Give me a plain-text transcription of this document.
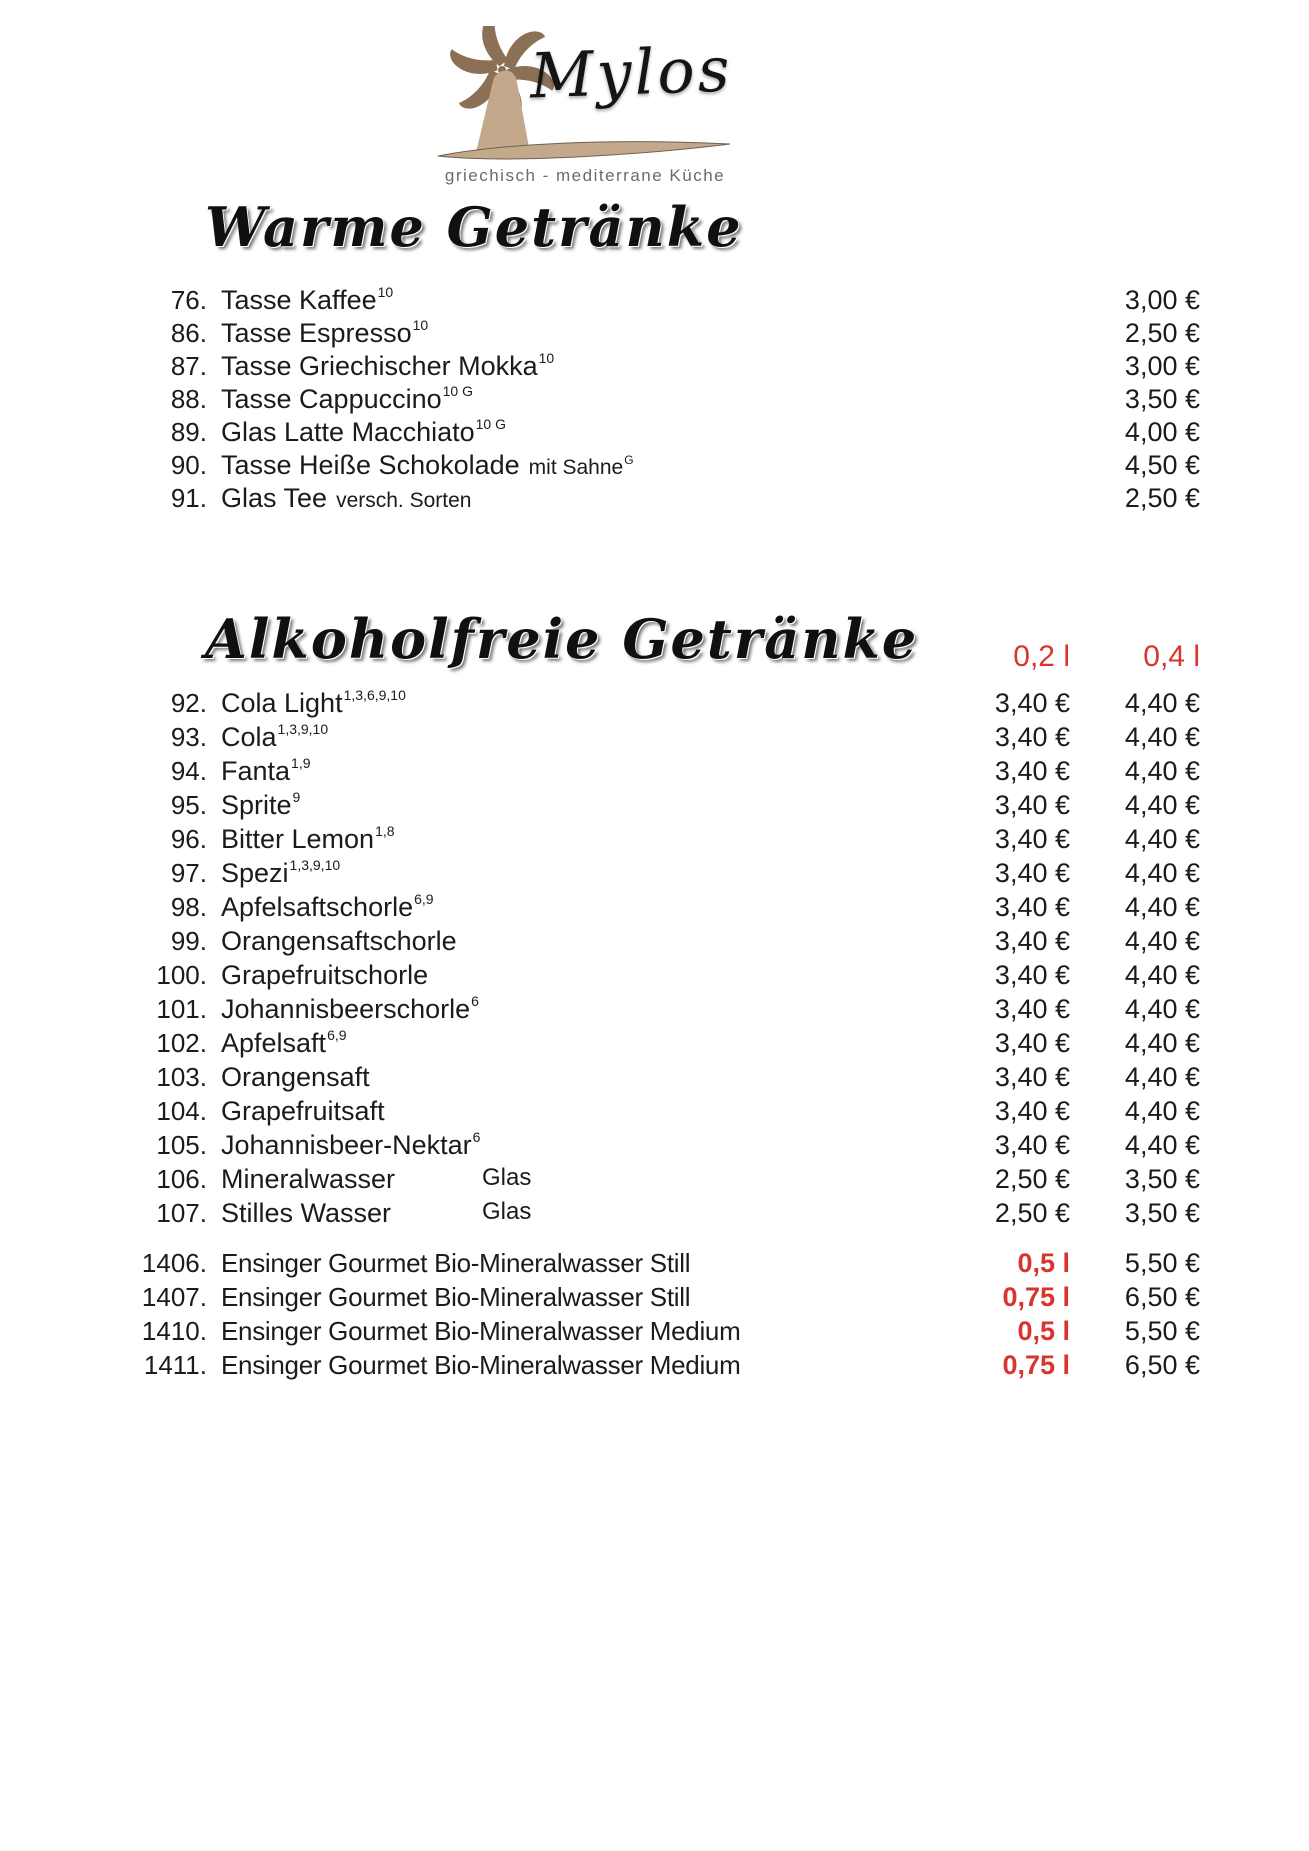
Mylos
griechisch - mediterrane Küche
Warme Getränke
76. Tasse Kaffee$^{10}$	3,00 €
86. Tasse Espresso$^{10}$	2,50 €
87. Tasse Griechischer Mokka$^{10}$	3,00 €
88. Tasse Cappuccino$^{10 G}$	3,50 €
89. Glas Latte Macchiato$^{10 G}$	4,00 €
90. Tasse Heiße Schokolade mit Sahne$^G$	4,50 €
91. Glas Tee versch. Sorten	2,50 €
Alkoholfreie Getränke	0,2 l	0,4 l
92. Cola Light$^{1,3,6,9,10}$	3,40 €	4,40 €
93. Cola$^{1,3,9,10}$	3,40 €	4,40 €
94. Fanta$^{1,9}$	3,40 €	4,40 €
95. Sprite$^9$	3,40 €	4,40 €
96. Bitter Lemon$^{1,8}$	3,40 €	4,40 €
97. Spezi$^{1,3,9,10}$	3,40 €	4,40 €
98. Apfelsaftschorle$^{6,9}$	3,40 €	4,40 €
99. Orangensaftschorle	3,40 €	4,40 €
100. Grapefruitschorle	3,40 €	4,40 €
101. Johannisbeerschorle$^6$	3,40 €	4,40 €
102. Apfelsaft$^{6,9}$	3,40 €	4,40 €
103. Orangensaft	3,40 €	4,40 €
104. Grapefruitsaft	3,40 €	4,40 €
105. Johannisbeer-Nektar$^6$	3,40 €	4,40 €
106. Mineralwasser	Glas	2,50 €	3,50 €
107. Stilles Wasser	Glas	2,50 €	3,50 €
1406. Ensinger Gourmet Bio-Mineralwasser Still	0,5 l	5,50 €
1407. Ensinger Gourmet Bio-Mineralwasser Still	0,75 l	6,50 €
1410. Ensinger Gourmet Bio-Mineralwasser Medium	0,5 l	5,50 €
1411. Ensinger Gourmet Bio-Mineralwasser Medium	0,75 l	6,50 €
